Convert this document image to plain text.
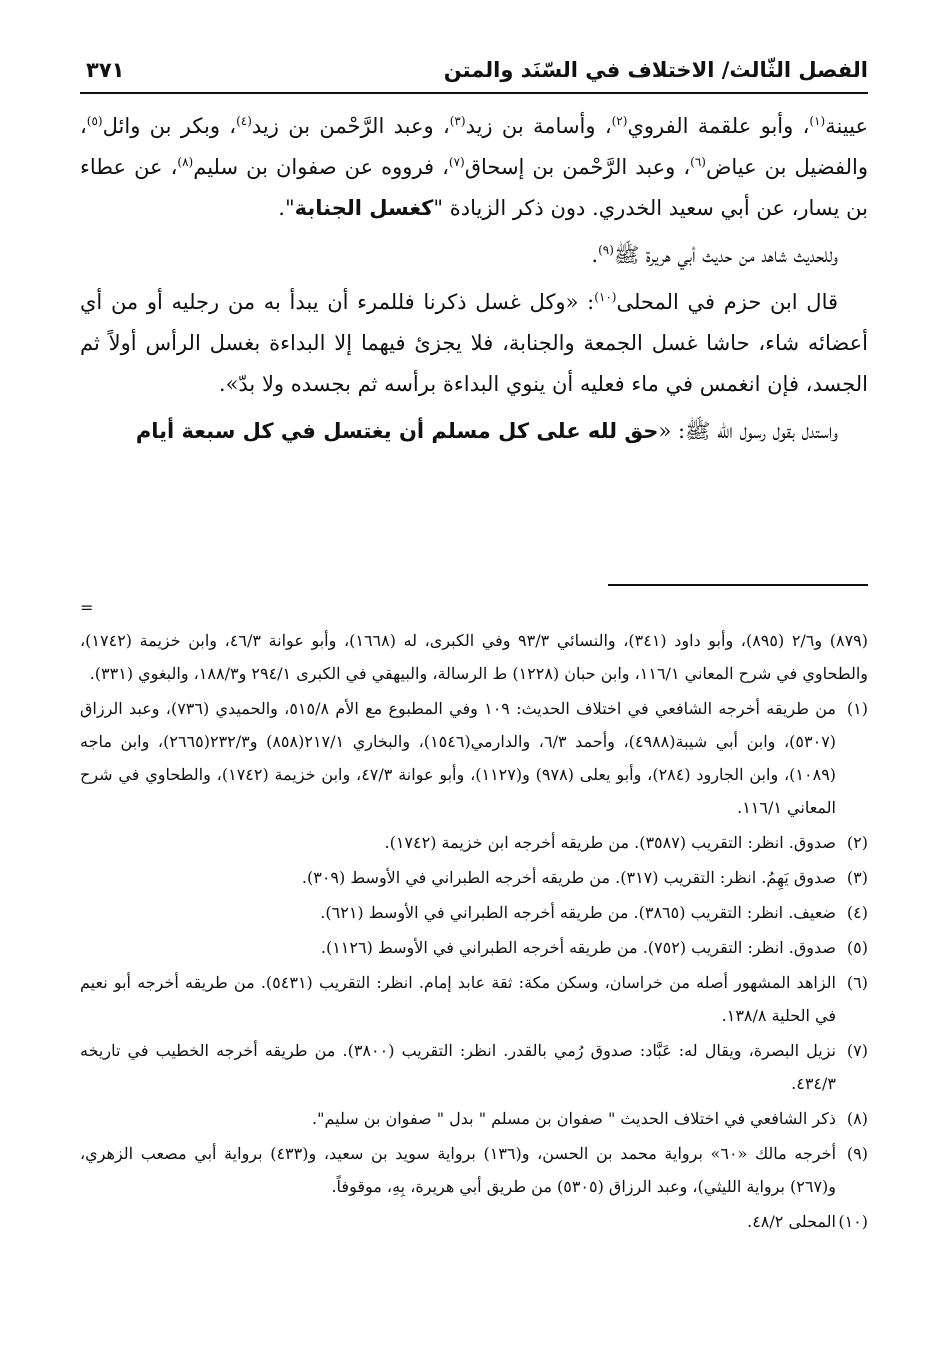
الفصل الثّالث/ الاختلاف في السّنَد والمتن
٣٧١

عيينة$^{(١)}$، وأبو علقمة الفروي$^{(٢)}$، وأسامة بن زيد$^{(٣)}$، وعبد الرَّحْمن بن زيد$^{(٤)}$، وبكر بن وائل$^{(٥)}$، والفضيل بن عياض$^{(٦)}$، وعبد الرَّحْمن بن إسحاق$^{(٧)}$، فرووه عن صفوان بن سليم$^{(٨)}$، عن عطاء بن يسار، عن أبي سعيد الخدري. دون ذكر الزيادة "كغسل الجنابة".

وللحديث شاهد من حديث أبي هريرة ﷺ$^{(٩)}$.

قال ابن حزم في المحلى$^{(١٠)}$: «وكل غسل ذكرنا فللمرء أن يبدأ به من رجليه أو من أي أعضائه شاء، حاشا غسل الجمعة والجنابة، فلا يجزئ فيهما إلا البداءة بغسل الرأس أولاً ثم الجسد، فإن انغمس في ماء فعليه أن ينوي البداءة برأسه ثم بجسده ولا بدّ».

واستدل بقول رسول الله ﷺ: «حق لله على كل مسلم أن يغتسل في كل سبعة أيام

=

(٨٧٩) و٢/٦ (٨٩٥)، وأبو داود (٣٤١)، والنسائي ٩٣/٣ وفي الكبرى، له (١٦٦٨)، وأبو عوانة ٤٦/٣، وابن خزيمة (١٧٤٢)، والطحاوي في شرح المعاني ١١٦/١، وابن حبان (١٢٢٨) ط الرسالة، والبيهقي في الكبرى ٢٩٤/١ و١٨٨/٣، والبغوي (٣٣١).

(١)
من طريقه أخرجه الشافعي في اختلاف الحديث: ١٠٩ وفي المطبوع مع الأم ٥١٥/٨، والحميدي (٧٣٦)، وعبد الرزاق (٥٣٠٧)، وابن أبي شيبة(٤٩٨٨)، وأحمد ٦/٣، والدارمي(١٥٤٦)، والبخاري ٢١٧/١(٨٥٨) و٢٣٢/٣(٢٦٦٥)، وابن ماجه (١٠٨٩)، وابن الجارود (٢٨٤)، وأبو يعلى (٩٧٨) و(١١٢٧)، وأبو عوانة ٤٧/٣، وابن خزيمة (١٧٤٢)، والطحاوي في شرح المعاني ١١٦/١.
(٢)
صدوق. انظر: التقريب (٣٥٨٧). من طريقه أخرجه ابن خزيمة (١٧٤٢).
(٣)
صدوق يَهِمُ. انظر: التقريب (٣١٧). من طريقه أخرجه الطبراني في الأوسط (٣٠٩).
(٤)
ضعيف. انظر: التقريب (٣٨٦٥). من طريقه أخرجه الطبراني في الأوسط (٦٢١).
(٥)
صدوق. انظر: التقريب (٧٥٢). من طريقه أخرجه الطبراني في الأوسط (١١٢٦).
(٦)
الزاهد المشهور أصله من خراسان، وسكن مكة: ثقة عابد إمام. انظر: التقريب (٥٤٣١). من طريقه أخرجه أبو نعيم في الحلية ١٣٨/٨.
(٧)
نزيل البصرة، ويقال له: عَبَّاد: صدوق رُمي بالقدر. انظر: التقريب (٣٨٠٠). من طريقه أخرجه الخطيب في تاريخه ٤٣٤/٣.
(٨)
ذكر الشافعي في اختلاف الحديث " صفوان بن مسلم " بدل " صفوان بن سليم".
(٩)
أخرجه مالك «٦٠» برواية محمد بن الحسن، و(١٣٦) برواية سويد بن سعيد، و(٤٣٣) برواية أبي مصعب الزهري، و(٢٦٧) برواية الليثي)، وعبد الرزاق (٥٣٠٥) من طريق أبي هريرة، بِهِ، موقوفاً.
(١٠)
المحلى ٤٨/٢.
